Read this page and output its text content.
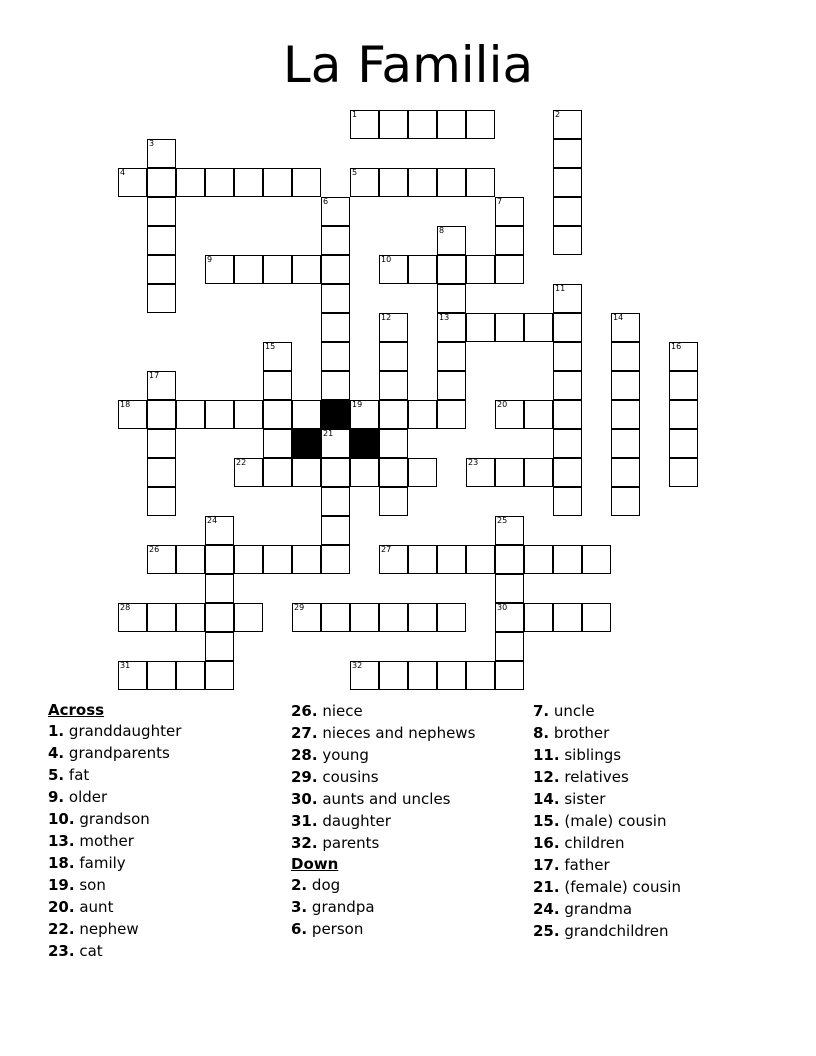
La Familia
1
4	5
9	10
13
18	19	20
22	23
26	27
28	29	30
31	32
2
3
6
21
7
8
11
12	14
15	16
17
24	25
Across
1. granddaughter
4. grandparents
5. fat
9. older
10. grandson
13. mother
18. family
19. son
20. aunt
22. nephew
23. cat
26. niece
27. nieces and nephews
28. young
29. cousins
30. aunts and uncles
31. daughter
32. parents
Down
2. dog
3. grandpa
6. person
7. uncle
8. brother
11. siblings
12. relatives
14. sister
15. (male) cousin
16. children
17. father
21. (female) cousin
24. grandma
25. grandchildren
